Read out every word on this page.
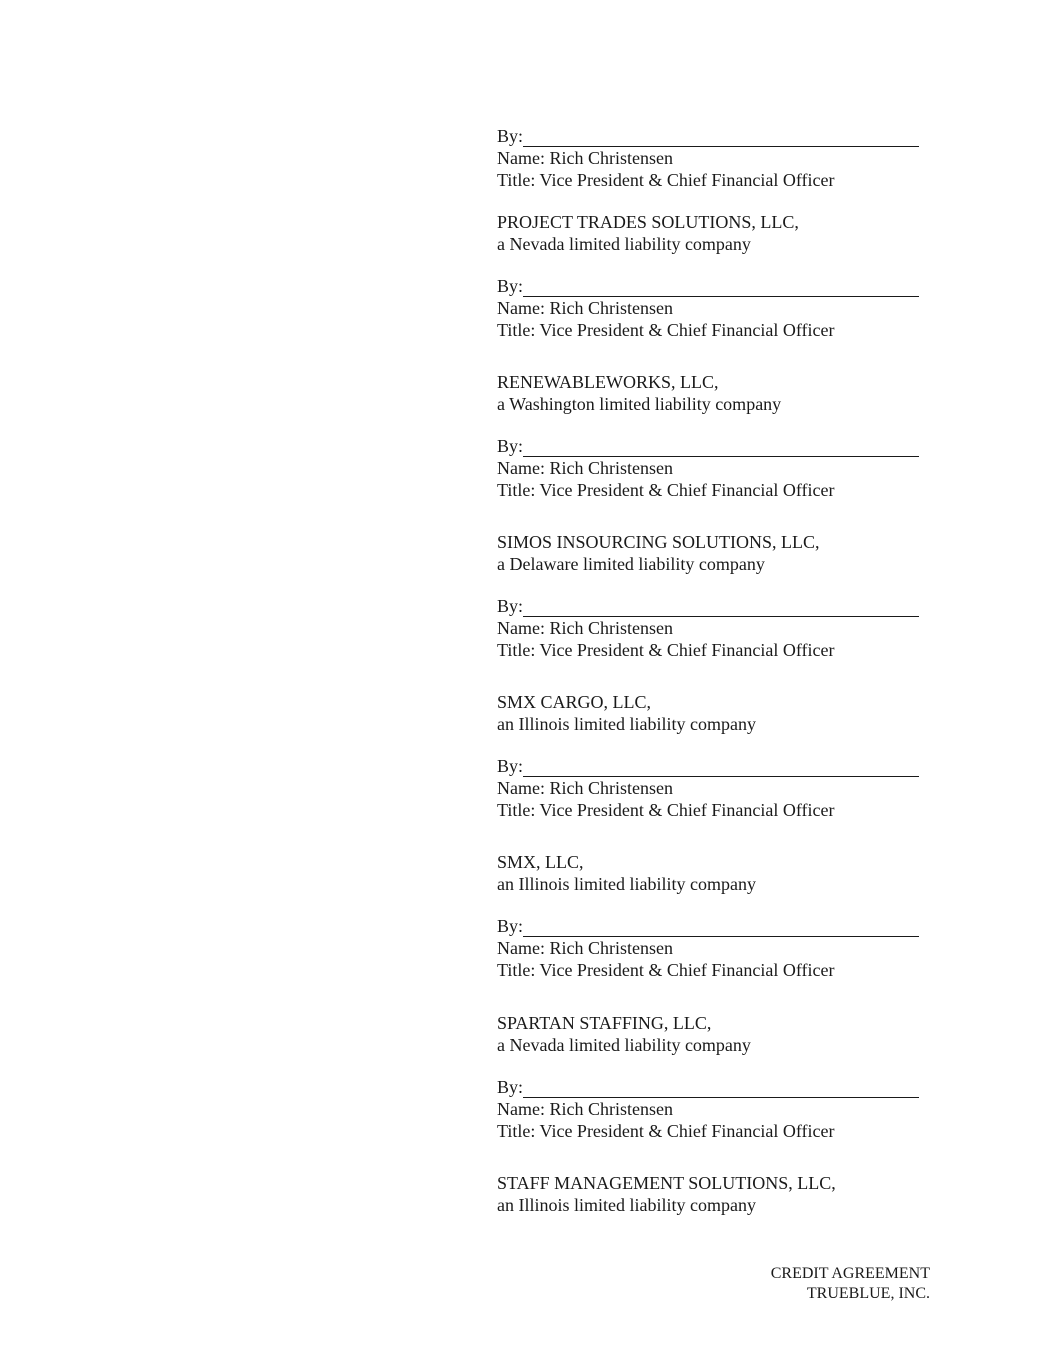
By:
Name: Rich Christensen
Title: Vice President & Chief Financial Officer
PROJECT TRADES SOLUTIONS, LLC,
a Nevada limited liability company
By:
Name: Rich Christensen
Title: Vice President & Chief Financial Officer
RENEWABLEWORKS, LLC,
a Washington limited liability company
By:
Name: Rich Christensen
Title: Vice President & Chief Financial Officer
SIMOS INSOURCING SOLUTIONS, LLC,
a Delaware limited liability company
By:
Name: Rich Christensen
Title: Vice President & Chief Financial Officer
SMX CARGO, LLC,
an Illinois limited liability company
By:
Name: Rich Christensen
Title: Vice President & Chief Financial Officer
SMX, LLC,
an Illinois limited liability company
By:
Name: Rich Christensen
Title: Vice President & Chief Financial Officer
SPARTAN STAFFING, LLC,
a Nevada limited liability company
By:
Name: Rich Christensen
Title: Vice President & Chief Financial Officer
STAFF MANAGEMENT SOLUTIONS, LLC,
an Illinois limited liability company
CREDIT AGREEMENT
TRUEBLUE, INC.
